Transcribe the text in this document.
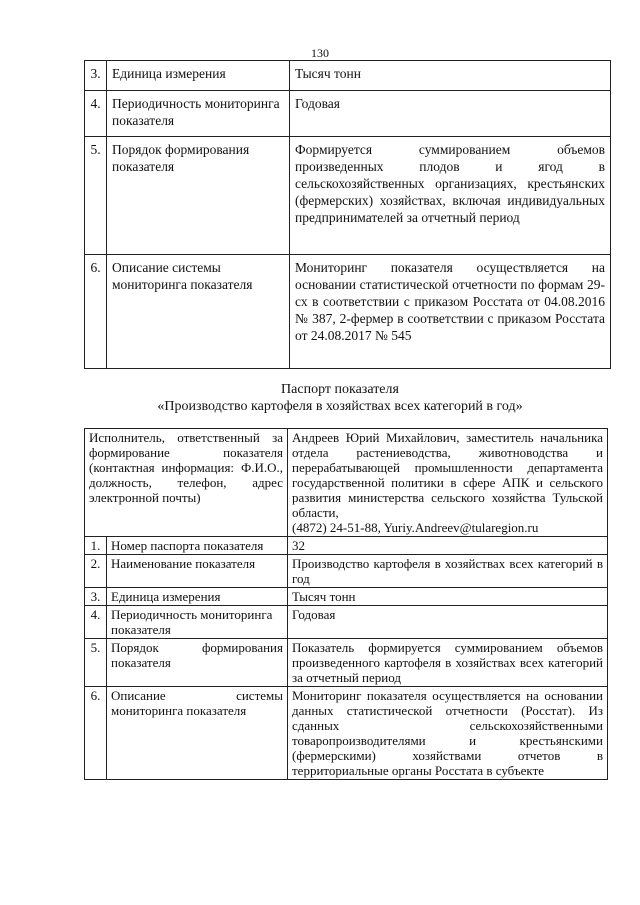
130
3.	Единица измерения	Тысяч тонн
4.	Периодичность мониторинга показателя	Годовая
5.	Порядок формирования показателя	Формируется суммированием объемов произведенных плодов и ягод в сельскохозяйственных организациях, крестьянских (фермерских) хозяйствах, включая индивидуальных предпринимателей за отчетный период
6.	Описание системы мониторинга показателя	Мониторинг показателя осуществляется на основании статистической отчетности по формам 29-сх в соответствии с приказом Росстата от 04.08.2016 № 387, 2-фермер в соответствии с приказом Росстата от 24.08.2017 № 545
Паспорт показателя
«Производство картофеля в хозяйствах всех категорий в год»
Исполнитель, ответственный за формирование показателя (контактная информация: Ф.И.О., должность, телефон, адрес электронной почты)		Андреев Юрий Михайлович, заместитель начальника отдела растениеводства, животноводства и перерабатывающей промышленности департамента государственной политики в сфере АПК и сельского развития министерства сельского хозяйства Тульской области,
(4872) 24-51-88, Yuriy.Andreev@tularegion.ru

1.	Номер паспорта показателя	32
2.	Наименование показателя	Производство картофеля в хозяйствах всех категорий в год
3.	Единица измерения	Тысяч тонн
4.	Периодичность мониторинга показателя	Годовая
5.	Порядок формирования показателя	Показатель формируется суммированием объемов произведенного картофеля в хозяйствах всех категорий за отчетный период
6.	Описание системы мониторинга показателя	Мониторинг показателя осуществляется на основании данных статистической отчетности (Росстат). Из сданных сельскохозяйственными товаропроизводителями и крестьянскими (фермерскими) хозяйствами отчетов в территориальные органы Росстата в субъекте
